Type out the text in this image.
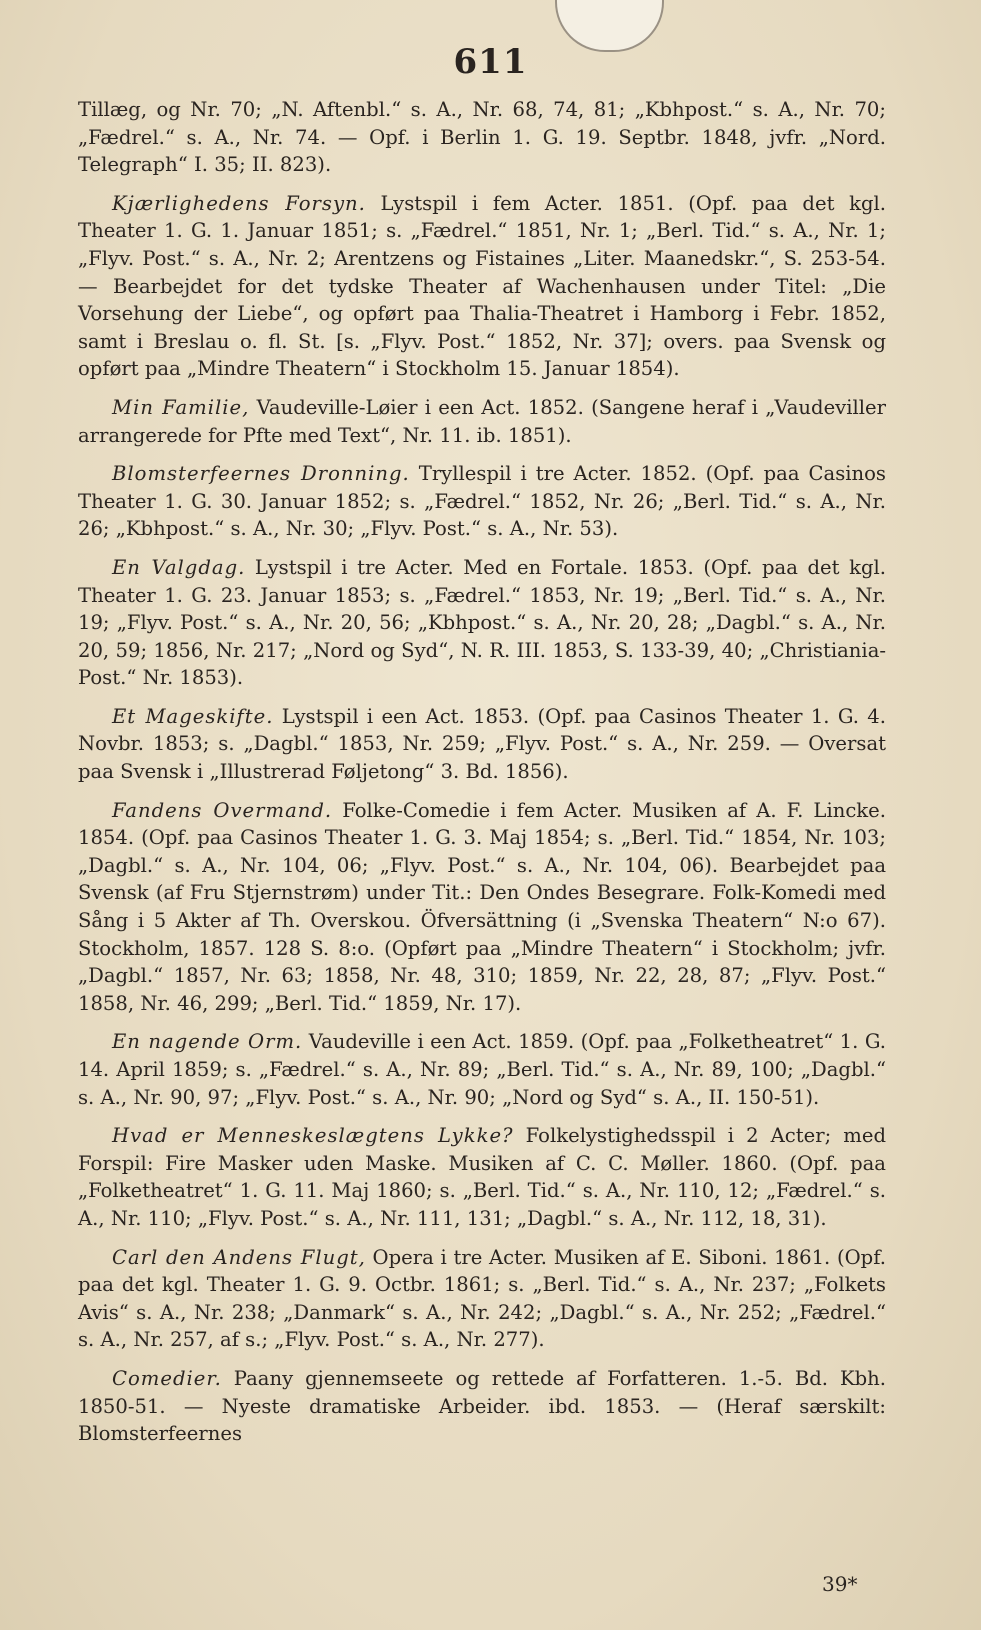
611

Tillæg, og Nr. 70; „N. Aftenbl.“ s. A., Nr. 68, 74, 81; „Kbhpost.“ s. A., Nr. 70; „Fædrel.“ s. A., Nr. 74. — Opf. i Berlin 1. G. 19. Septbr. 1848, jvfr. „Nord. Telegraph“ I. 35; II. 823).

Kjærlighedens Forsyn. Lystspil i fem Acter. 1851. (Opf. paa det kgl. Theater 1. G. 1. Januar 1851; s. „Fædrel.“ 1851, Nr. 1; „Berl. Tid.“ s. A., Nr. 1; „Flyv. Post.“ s. A., Nr. 2; Arentzens og Fistaines „Liter. Maanedskr.“, S. 253-54. — Bearbejdet for det tydske Theater af Wachenhausen under Titel: „Die Vorsehung der Liebe“, og opført paa Thalia-Theatret i Hamborg i Febr. 1852, samt i Breslau o. fl. St. [s. „Flyv. Post.“ 1852, Nr. 37]; overs. paa Svensk og opført paa „Mindre Theatern“ i Stockholm 15. Januar 1854).

Min Familie, Vaudeville-Løier i een Act. 1852. (Sangene heraf i „Vaudeviller arrangerede for Pfte med Text“, Nr. 11. ib. 1851).

Blomsterfeernes Dronning. Tryllespil i tre Acter. 1852. (Opf. paa Casinos Theater 1. G. 30. Januar 1852; s. „Fædrel.“ 1852, Nr. 26; „Berl. Tid.“ s. A., Nr. 26; „Kbhpost.“ s. A., Nr. 30; „Flyv. Post.“ s. A., Nr. 53).

En Valgdag. Lystspil i tre Acter. Med en Fortale. 1853. (Opf. paa det kgl. Theater 1. G. 23. Januar 1853; s. „Fædrel.“ 1853, Nr. 19; „Berl. Tid.“ s. A., Nr. 19; „Flyv. Post.“ s. A., Nr. 20, 56; „Kbhpost.“ s. A., Nr. 20, 28; „Dagbl.“ s. A., Nr. 20, 59; 1856, Nr. 217; „Nord og Syd“, N. R. III. 1853, S. 133-39, 40; „Christiania-Post.“ Nr. 1853).

Et Mageskifte. Lystspil i een Act. 1853. (Opf. paa Casinos Theater 1. G. 4. Novbr. 1853; s. „Dagbl.“ 1853, Nr. 259; „Flyv. Post.“ s. A., Nr. 259. — Oversat paa Svensk i „Illustrerad Føljetong“ 3. Bd. 1856).

Fandens Overmand. Folke-Comedie i fem Acter. Musiken af A. F. Lincke. 1854. (Opf. paa Casinos Theater 1. G. 3. Maj 1854; s. „Berl. Tid.“ 1854, Nr. 103; „Dagbl.“ s. A., Nr. 104, 06; „Flyv. Post.“ s. A., Nr. 104, 06). Bearbejdet paa Svensk (af Fru Stjernstrøm) under Tit.: Den Ondes Besegrare. Folk-Komedi med Sång i 5 Akter af Th. Overskou. Öfversättning (i „Svenska Theatern“ N:o 67). Stockholm, 1857. 128 S. 8:o. (Opført paa „Mindre Theatern“ i Stockholm; jvfr. „Dagbl.“ 1857, Nr. 63; 1858, Nr. 48, 310; 1859, Nr. 22, 28, 87; „Flyv. Post.“ 1858, Nr. 46, 299; „Berl. Tid.“ 1859, Nr. 17).

En nagende Orm. Vaudeville i een Act. 1859. (Opf. paa „Folketheatret“ 1. G. 14. April 1859; s. „Fædrel.“ s. A., Nr. 89; „Berl. Tid.“ s. A., Nr. 89, 100; „Dagbl.“ s. A., Nr. 90, 97; „Flyv. Post.“ s. A., Nr. 90; „Nord og Syd“ s. A., II. 150-51).

Hvad er Menneskeslægtens Lykke? Folkelystighedsspil i 2 Acter; med Forspil: Fire Masker uden Maske. Musiken af C. C. Møller. 1860. (Opf. paa „Folketheatret“ 1. G. 11. Maj 1860; s. „Berl. Tid.“ s. A., Nr. 110, 12; „Fædrel.“ s. A., Nr. 110; „Flyv. Post.“ s. A., Nr. 111, 131; „Dagbl.“ s. A., Nr. 112, 18, 31).

Carl den Andens Flugt, Opera i tre Acter. Musiken af E. Siboni. 1861. (Opf. paa det kgl. Theater 1. G. 9. Octbr. 1861; s. „Berl. Tid.“ s. A., Nr. 237; „Folkets Avis“ s. A., Nr. 238; „Danmark“ s. A., Nr. 242; „Dagbl.“ s. A., Nr. 252; „Fædrel.“ s. A., Nr. 257, af s.; „Flyv. Post.“ s. A., Nr. 277).

Comedier. Paany gjennemseete og rettede af Forfatteren. 1.-5. Bd. Kbh. 1850-51. — Nyeste dramatiske Arbeider. ibd. 1853. — (Heraf særskilt: Blomsterfeernes

39*
